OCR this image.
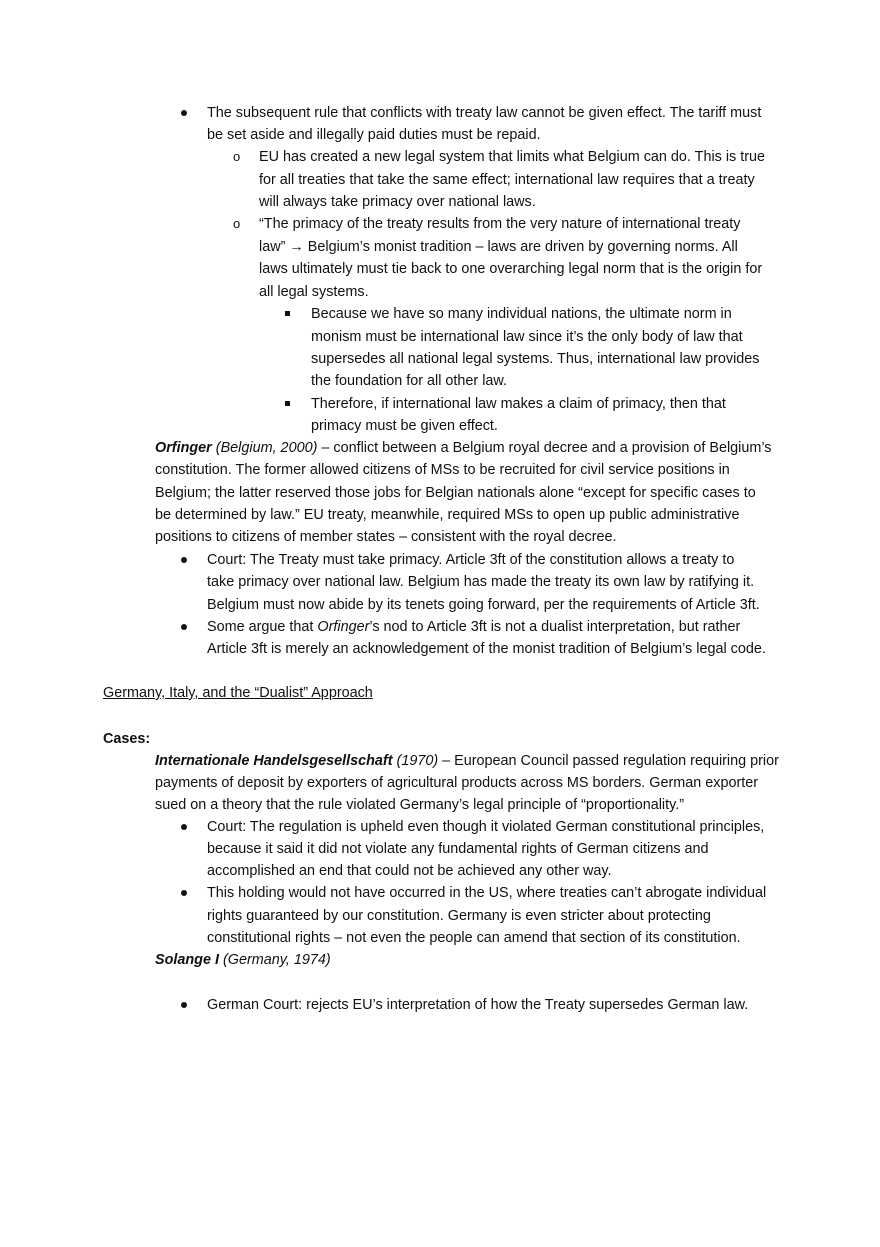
The subsequent rule that conflicts with treaty law cannot be given effect. The tariff must
be set aside and illegally paid duties must be repaid.
o EU has created a new legal system that limits what Belgium can do. This is true
for all treaties that take the same effect; international law requires that a treaty
will always take primacy over national laws.
o “The primacy of the treaty results from the very nature of international treaty
law” → Belgium’s monist tradition – laws are driven by governing norms. All
laws ultimately must tie back to one overarching legal norm that is the origin for
all legal systems.
Because we have so many individual nations, the ultimate norm in
monism must be international law since it’s the only body of law that
supersedes all national legal systems. Thus, international law provides
the foundation for all other law.
Therefore, if international law makes a claim of primacy, then that
primacy must be given effect.
Orfinger (Belgium, 2000) – conflict between a Belgium royal decree and a provision of Belgium’s
constitution. The former allowed citizens of MSs to be recruited for civil service positions in
Belgium; the latter reserved those jobs for Belgian nationals alone “except for specific cases to
be determined by law.” EU treaty, meanwhile, required MSs to open up public administrative
positions to citizens of member states – consistent with the royal decree.
Court: The Treaty must take primacy. Article 3ft of the constitution allows a treaty to
take primacy over national law. Belgium has made the treaty its own law by ratifying it.
Belgium must now abide by its tenets going forward, per the requirements of Article 3ft.
Some argue that Orfinger’s nod to Article 3ft is not a dualist interpretation, but rather
Article 3ft is merely an acknowledgement of the monist tradition of Belgium’s legal code.
Germany, Italy, and the “Dualist” Approach
Cases:
Internationale Handelsgesellschaft (1970) – European Council passed regulation requiring prior
payments of deposit by exporters of agricultural products across MS borders. German exporter
sued on a theory that the rule violated Germany’s legal principle of “proportionality.”
Court: The regulation is upheld even though it violated German constitutional principles,
because it said it did not violate any fundamental rights of German citizens and
accomplished an end that could not be achieved any other way.
This holding would not have occurred in the US, where treaties can’t abrogate individual
rights guaranteed by our constitution. Germany is even stricter about protecting
constitutional rights – not even the people can amend that section of its constitution.
Solange I (Germany, 1974)
German Court: rejects EU’s interpretation of how the Treaty supersedes German law.
